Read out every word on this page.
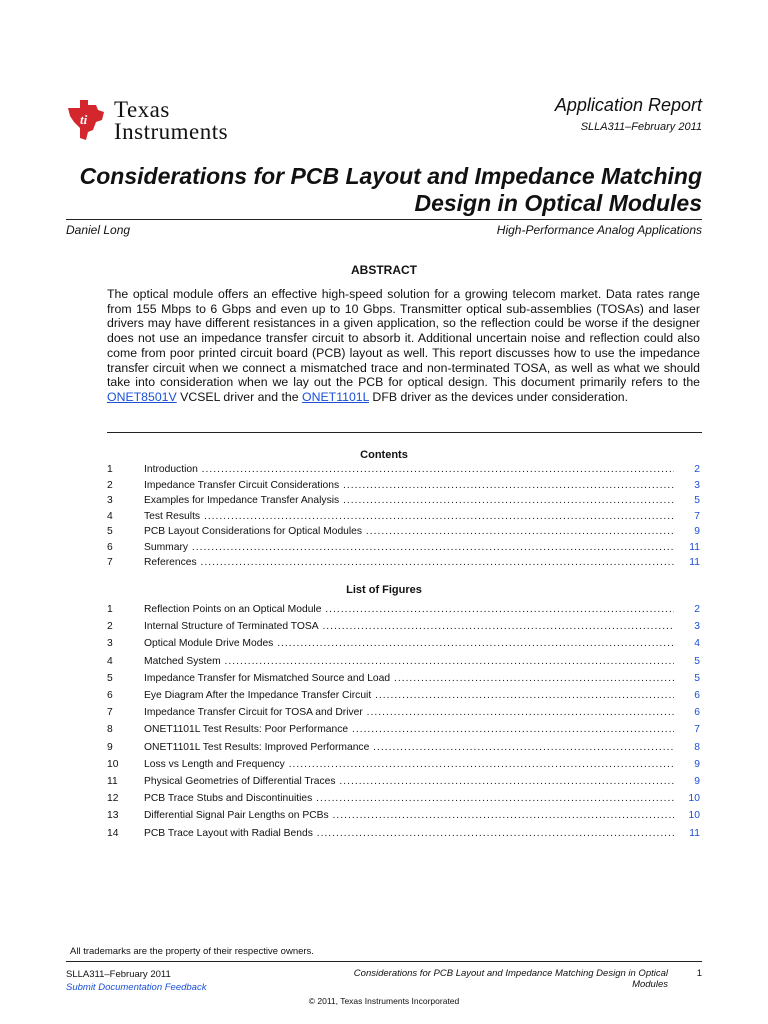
ti Texas
Instruments
Application Report
SLLA311–February 2011
Considerations for PCB Layout and Impedance Matching
Design in Optical Modules
Daniel Long	High-Performance Analog Applications
ABSTRACT
The optical module offers an effective high-speed solution for a growing telecom market. Data rates range from 155 Mbps to 6 Gbps and even up to 10 Gbps. Transmitter optical sub-assemblies (TOSAs) and laser drivers may have different resistances in a given application, so the reflection could be worse if the designer does not use an impedance transfer circuit to absorb it. Additional uncertain noise and reflection could also come from poor printed circuit board (PCB) layout as well. This report discusses how to use the impedance transfer circuit when we connect a mismatched trace and non-terminated TOSA, as well as what we should take into consideration when we lay out the PCB for optical design. This document primarily refers to the ONET8501V VCSEL driver and the ONET1101L DFB driver as the devices under consideration.
Contents
1	Introduction .....	2
2	Impedance Transfer Circuit Considerations .....	3
3	Examples for Impedance Transfer Analysis .....	5
4	Test Results .....	7
5	PCB Layout Considerations for Optical Modules .....	9
6	Summary .....	11
7	References .....	11
List of Figures
1	Reflection Points on an Optical Module .....	2
2	Internal Structure of Terminated TOSA .....	3
3	Optical Module Drive Modes .....	4
4	Matched System .....	5
5	Impedance Transfer for Mismatched Source and Load .....	5
6	Eye Diagram After the Impedance Transfer Circuit .....	6
7	Impedance Transfer Circuit for TOSA and Driver .....	6
8	ONET1101L Test Results: Poor Performance .....	7
9	ONET1101L Test Results: Improved Performance .....	8
10	Loss vs Length and Frequency .....	9
11	Physical Geometries of Differential Traces .....	9
12	PCB Trace Stubs and Discontinuities .....	10
13	Differential Signal Pair Lengths on PCBs .....	10
14	PCB Trace Layout with Radial Bends .....	11
All trademarks are the property of their respective owners.
SLLA311–February 2011
Submit Documentation Feedback
Considerations for PCB Layout and Impedance Matching Design in Optical
Modules
1
© 2011, Texas Instruments Incorporated
